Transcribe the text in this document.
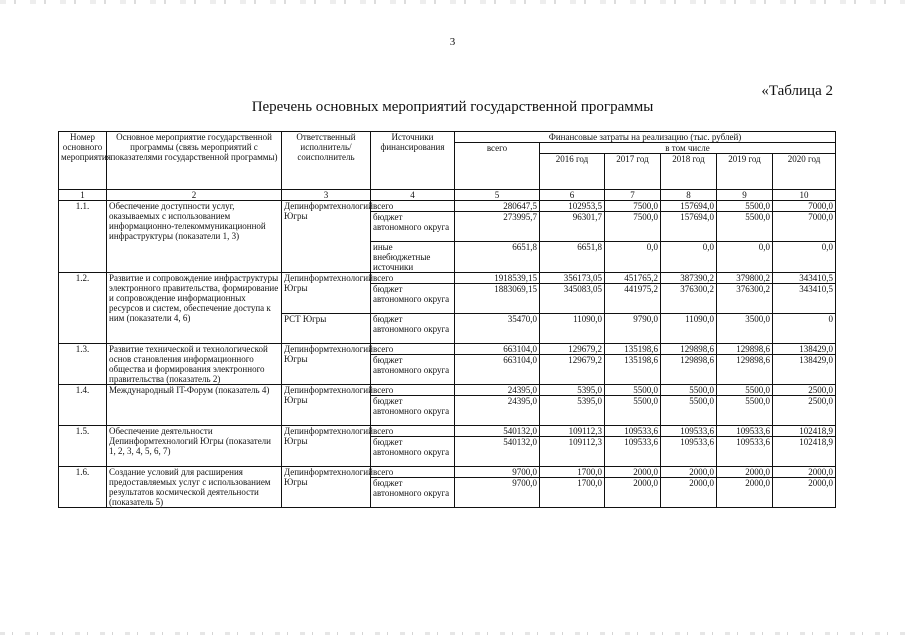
3
«Таблица 2
Перечень основных мероприятий государственной программы
Номер основного мероприятия	Основное мероприятие государственной программы (связь мероприятий с показателями государственной программы)	Ответственный исполнитель/соисполнитель	Источники финансирования	Финансовые затраты на реализацию (тыс. рублей)					
				всего	в том числе				
					2016 год	2017 год	2018 год	2019 год	2020 год
1	2	3	4	5	6	7	8	9	10
1.1.	Обеспечение доступности услуг, оказываемых с использованием информационно-телекоммуникационной инфраструктуры (показатели 1, 3)	Депинформтехнологий Югры	всего	280647,5	102953,5	7500,0	157694,0	5500,0	7000,0
			бюджет автономного округа	273995,7	96301,7	7500,0	157694,0	5500,0	7000,0
			иные внебюджетные источники	6651,8	6651,8	0,0	0,0	0,0	0,0
1.2.	Развитие и сопровождение инфраструктуры электронного правительства, формирование и сопровождение информационных ресурсов и систем, обеспечение доступа к ним (показатели 4, 6)	Депинформтехнологий Югры	всего	1918539,15	356173,05	451765,2	387390,2	379800,2	343410,5
			бюджет автономного округа	1883069,15	345083,05	441975,2	376300,2	376300,2	343410,5
		РСТ Югры	бюджет автономного округа	35470,0	11090,0	9790,0	11090,0	3500,0	0
1.3.	Развитие технической и технологической основ становления информационного общества и формирования электронного правительства (показатель 2)	Депинформтехнологий Югры	всего	663104,0	129679,2	135198,6	129898,6	129898,6	138429,0
			бюджет автономного округа	663104,0	129679,2	135198,6	129898,6	129898,6	138429,0
1.4.	Международный IT-Форум (показатель 4)	Депинформтехнологий Югры	всего	24395,0	5395,0	5500,0	5500,0	5500,0	2500,0
			бюджет автономного округа	24395,0	5395,0	5500,0	5500,0	5500,0	2500,0
1.5.	Обеспечение деятельности Депинформтехнологий Югры (показатели 1, 2, 3, 4, 5, 6, 7)	Депинформтехнологий Югры	всего	540132,0	109112,3	109533,6	109533,6	109533,6	102418,9
			бюджет автономного округа	540132,0	109112,3	109533,6	109533,6	109533,6	102418,9
1.6.	Создание условий для расширения предоставляемых услуг с использованием результатов космической деятельности (показатель 5)	Депинформтехнологий Югры	всего	9700,0	1700,0	2000,0	2000,0	2000,0	2000,0
			бюджет автономного округа	9700,0	1700,0	2000,0	2000,0	2000,0	2000,0
